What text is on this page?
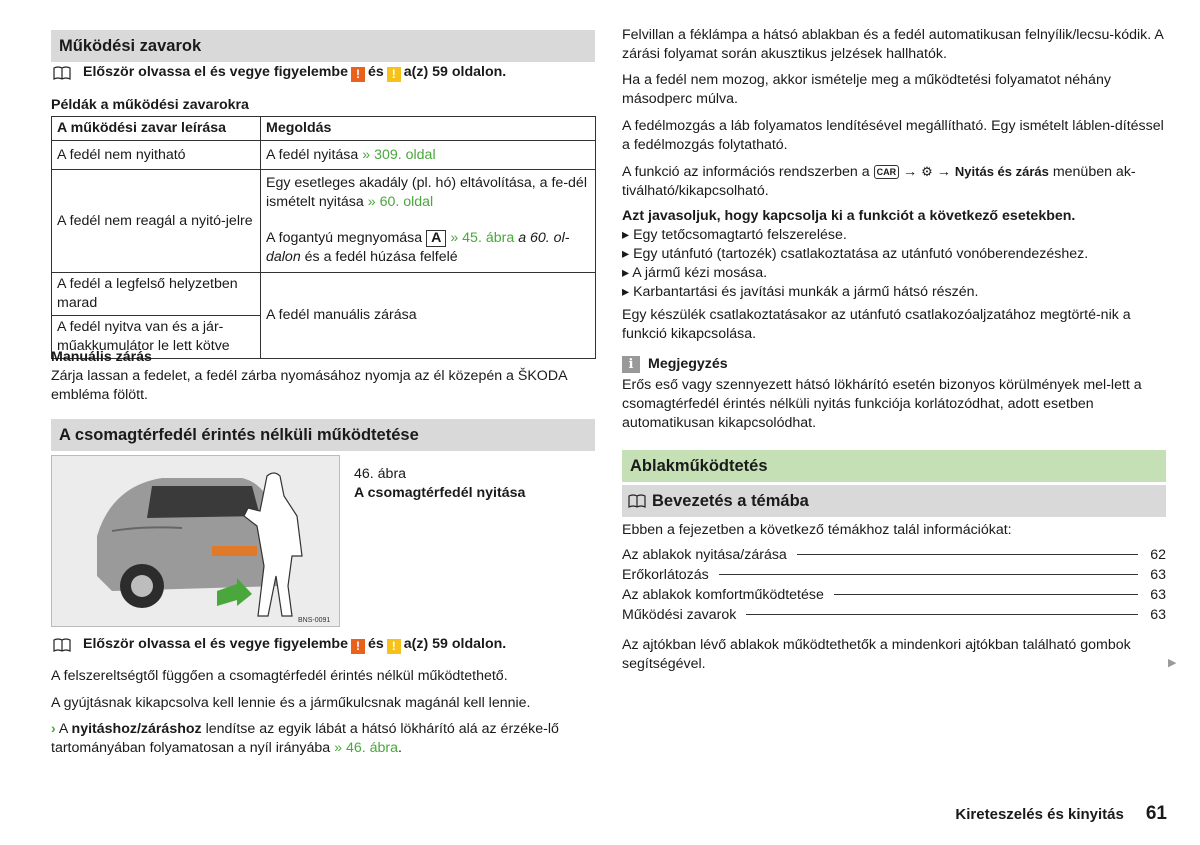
Működési zavarok
Először olvassa el és vegye figyelembe ! és ! a(z) 59 oldalon.

Példák a működési zavarokra

A működési zavar leírása	Megoldás
A fedél nem nyitható	A fedél nyitása » 309. oldal
A fedél nem reagál a nyitó-jelre	Egy esetleges akadály (pl. hó) eltávolítása, a fe-dél ismételt nyitása » 60. oldal
A fogantyú megnyomása A » 45. ábra a 60. ol-dalon és a fedél húzása felfelé

A fedél a legfelső helyzetben marad	A fedél manuális zárása
A fedél nyitva van és a jár-műakkumulátor le lett kötve	

Manuális zárás

Zárja lassan a fedelet, a fedél zárba nyomásához nyomja az él közepén a ŠKODA embléma fölött.

A csomagtérfedél érintés nélküli működtetése
BNS-0091
46. ábra
A csomagtérfedél nyitása
Először olvassa el és vegye figyelembe ! és ! a(z) 59 oldalon.

A felszereltségtől függően a csomagtérfedél érintés nélkül működtethető.

A gyújtásnak kikapcsolva kell lennie és a járműkulcsnak magánál kell lennie.

› A nyitáshoz/záráshoz lendítse az egyik lábát a hátsó lökhárító alá az érzéke-lő tartományában folyamatosan a nyíl irányába » 46. ábra.

Felvillan a féklámpa a hátsó ablakban és a fedél automatikusan felnyílik/lecsu-kódik. A zárási folyamat során akusztikus jelzések hallhatók.

Ha a fedél nem mozog, akkor ismételje meg a működtetési folyamatot néhány másodperc múlva.

A fedélmozgás a láb folyamatos lendítésével megállítható. Egy ismételt láblen-dítéssel a fedélmozgás folytatható.

A funkció az információs rendszerben a CAR → ⚙ → Nyitás és zárás menüben ak-tiválható/kikapcsolható.

Azt javasoljuk, hogy kapcsolja ki a funkciót a következő esetekben.

▸ Egy tetőcsomagtartó felszerelése.
▸ Egy utánfutó (tartozék) csatlakoztatása az utánfutó vonóberendezéshez.
▸ A jármű kézi mosása.
▸ Karbantartási és javítási munkák a jármű hátsó részén.

Egy készülék csatlakoztatásakor az utánfutó csatlakozóaljzatához megtörté-nik a funkció kikapcsolása.

i	Megjegyzés

Erős eső vagy szennyezett hátsó lökhárító esetén bizonyos körülmények mel-lett a csomagtérfedél érintés nélküli nyitás funkciója korlátozódhat, adott esetben automatikusan kikapcsolódhat.

Ablakműködtetés
Bevezetés a témába

Ebben a fejezetben a következő témákhoz talál információkat:

Az ablakok nyitása/zárása	62
Erőkorlátozás	63
Az ablakok komfortműködtetése	63
Működési zavarok	63

Az ajtókban lévő ablakok működtethetők a mindenkori ajtókban található gombok segítségével.	▶
Kireteszelés és kinyitás 61
